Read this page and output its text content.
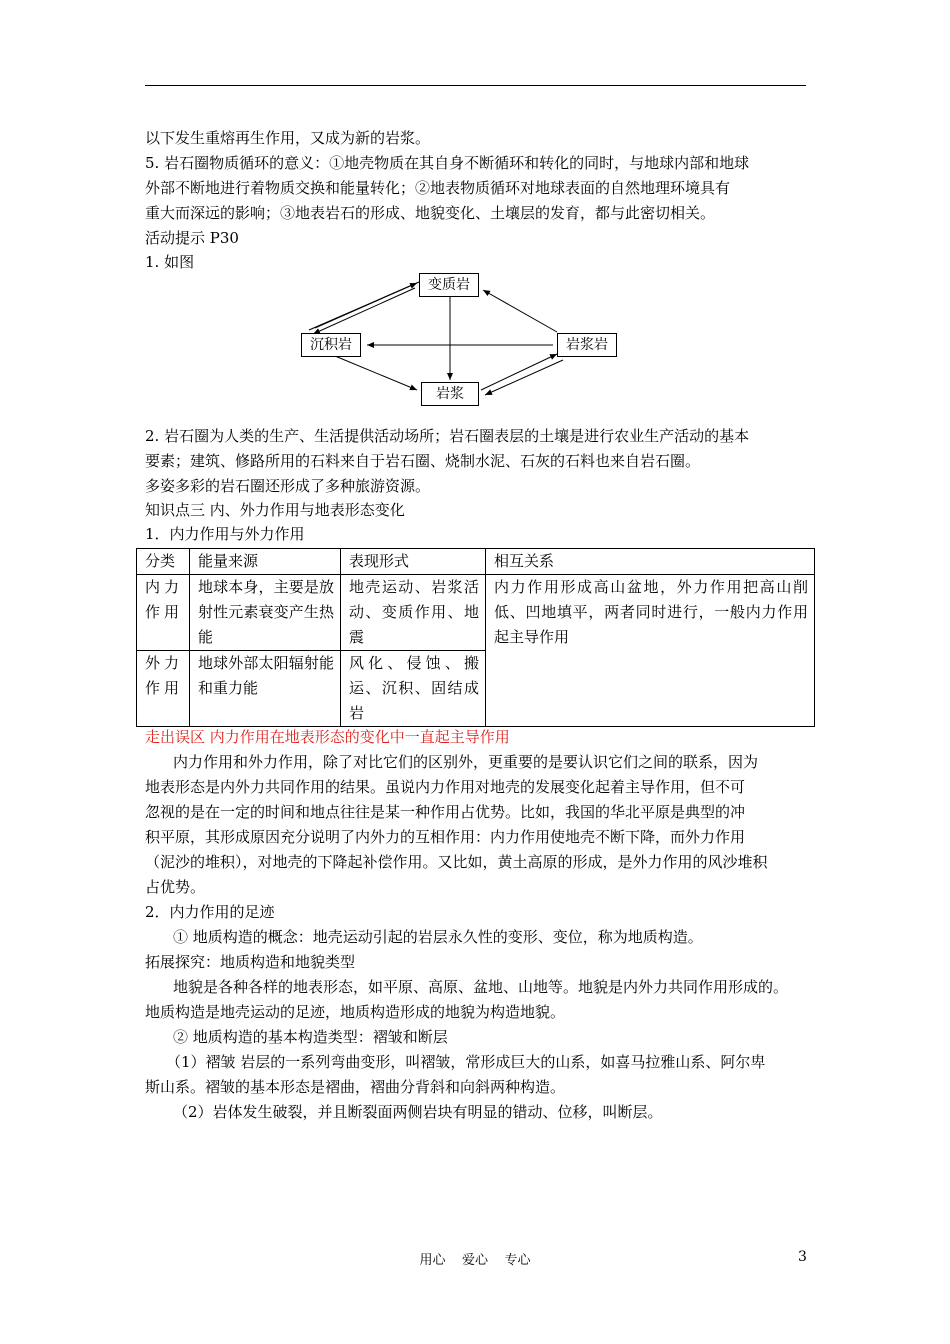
以下发生重熔再生作用，又成为新的岩浆。
5. 岩石圈物质循环的意义：①地壳物质在其自身不断循环和转化的同时，与地球内部和地球
外部不断地进行着物质交换和能量转化；②地表物质循环对地球表面的自然地理环境具有
重大而深远的影响；③地表岩石的形成、地貌变化、土壤层的发育，都与此密切相关。
活动提示 P30
1. 如图
变质岩
沉积岩	岩浆岩
岩浆
2. 岩石圈为人类的生产、生活提供活动场所；岩石圈表层的土壤是进行农业生产活动的基本
要素；建筑、修路所用的石料来自于岩石圈、烧制水泥、石灰的石料也来自岩石圈。
多姿多彩的岩石圈还形成了多种旅游资源。
知识点三 内、外力作用与地表形态变化
1．内力作用与外力作用
分类	能量来源	表现形式	相互关系
内力作用	地球本身，主要是放射性元素衰变产生热能	地壳运动、岩浆活动、变质作用、地震	内力作用形成高山盆地，外力作用把高山削低、凹地填平，两者同时进行，一般内力作用起主导作用
外力作用	地球外部太阳辐射能和重力能	风化、侵蚀、搬运、沉积、固结成岩	
走出误区 内力作用在地表形态的变化中一直起主导作用
内力作用和外力作用，除了对比它们的区别外，更重要的是要认识它们之间的联系，因为
地表形态是内外力共同作用的结果。虽说内力作用对地壳的发展变化起着主导作用，但不可
忽视的是在一定的时间和地点往往是某一种作用占优势。比如，我国的华北平原是典型的冲
积平原，其形成原因充分说明了内外力的互相作用：内力作用使地壳不断下降，而外力作用
（泥沙的堆积），对地壳的下降起补偿作用。又比如，黄土高原的形成，是外力作用的风沙堆积
占优势。
2．内力作用的足迹
① 地质构造的概念：地壳运动引起的岩层永久性的变形、变位，称为地质构造。
拓展探究：地质构造和地貌类型
地貌是各种各样的地表形态，如平原、高原、盆地、山地等。地貌是内外力共同作用形成的。
地质构造是地壳运动的足迹，地质构造形成的地貌为构造地貌。
② 地质构造的基本构造类型：褶皱和断层
（1）褶皱 岩层的一系列弯曲变形，叫褶皱，常形成巨大的山系，如喜马拉雅山系、阿尔卑
斯山系。褶皱的基本形态是褶曲，褶曲分背斜和向斜两种构造。
（2）岩体发生破裂，并且断裂面两侧岩块有明显的错动、位移，叫断层。
用心    爱心    专心	3
